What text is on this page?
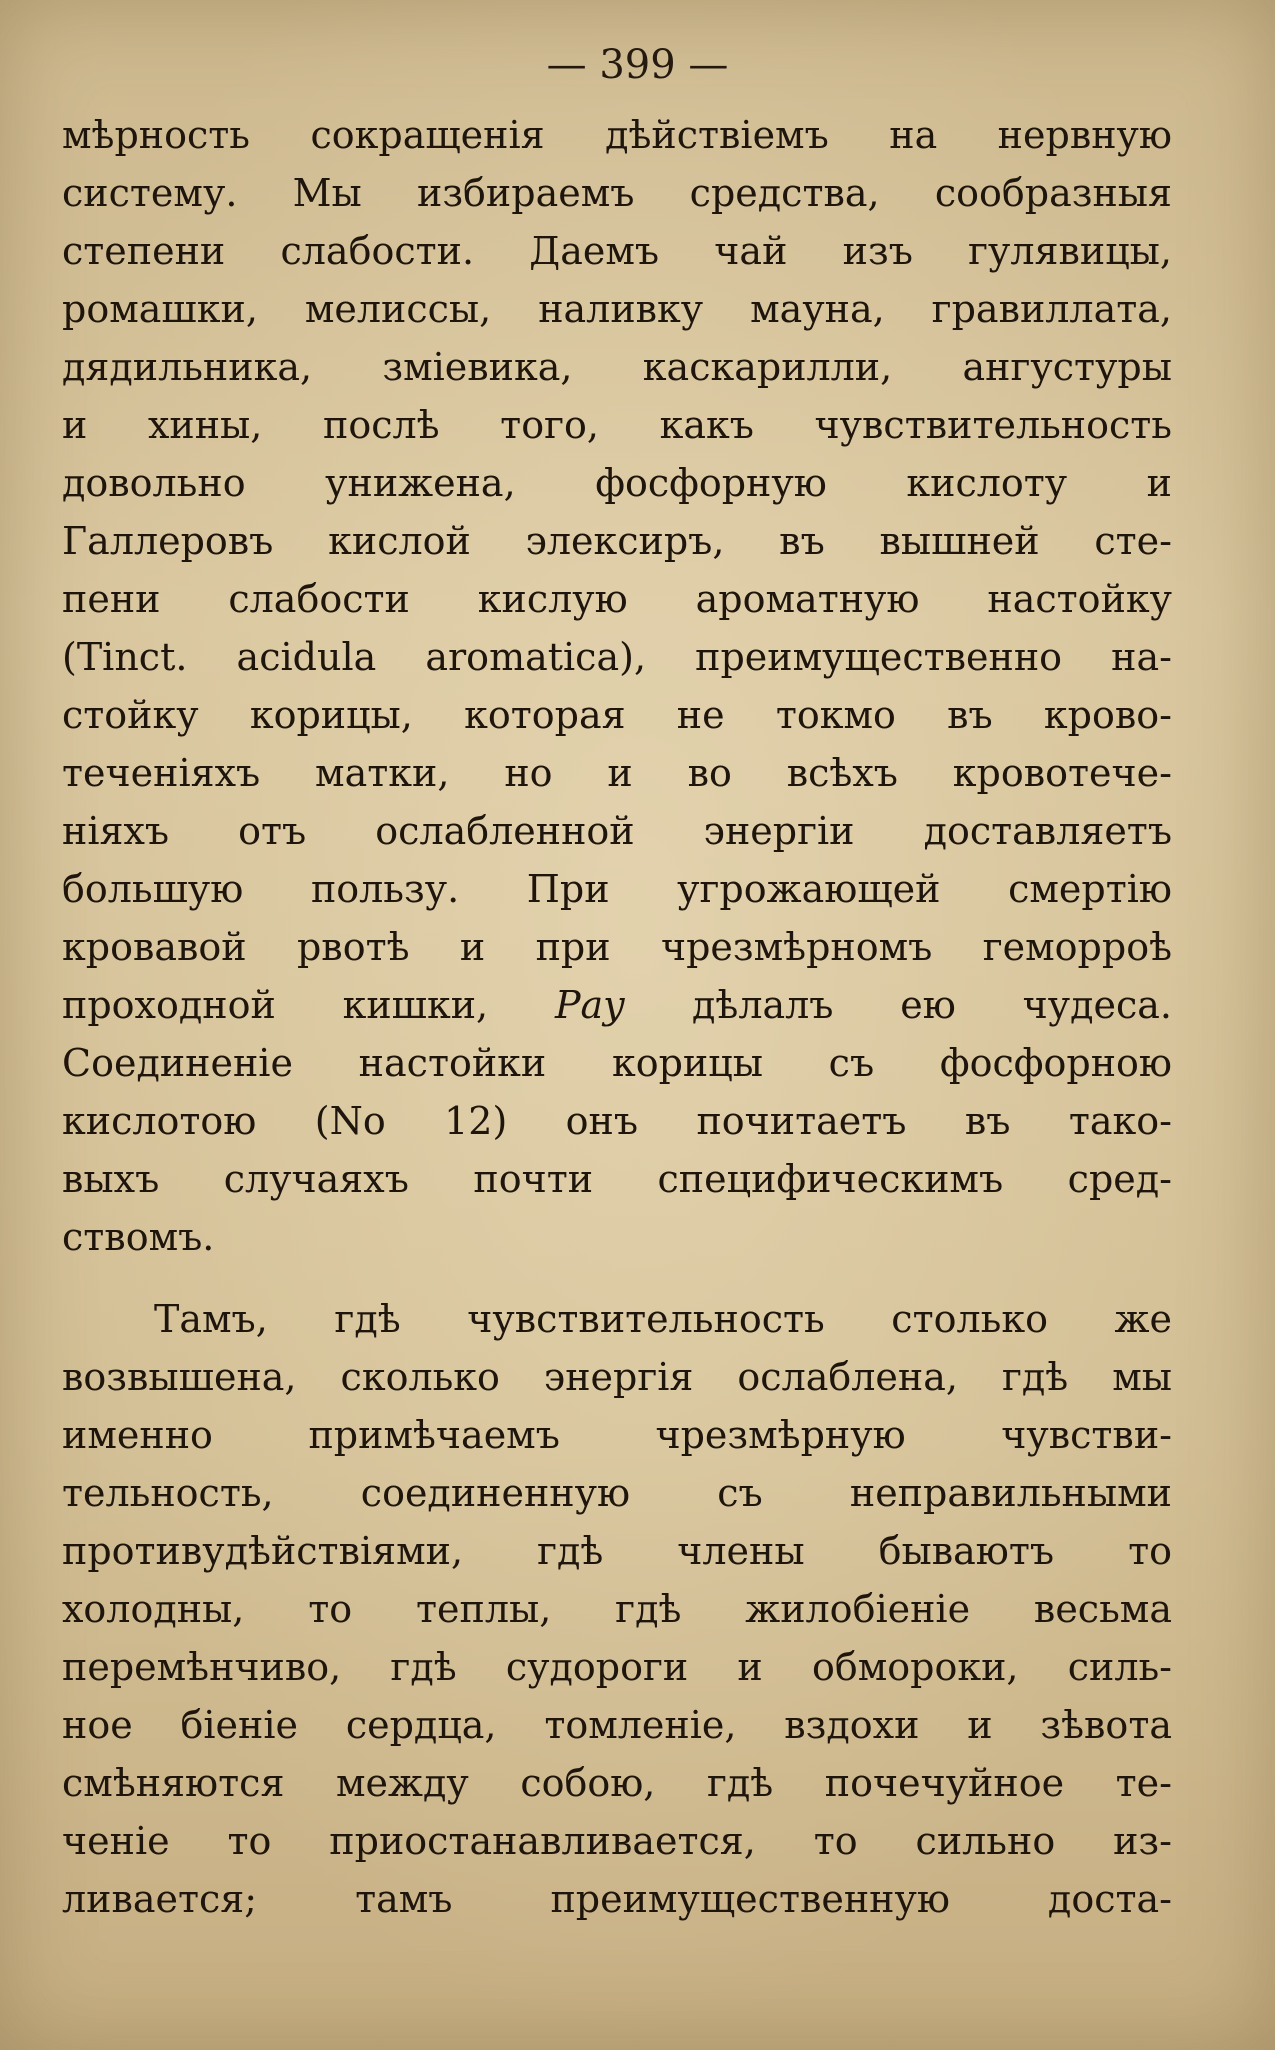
— 399 —
мѣрность сокращенія дѣйствіемъ на нервную
систему. Мы избираемъ средства, сообразныя
степени слабости. Даемъ чай изъ гулявицы,
ромашки, мелиссы, наливку мауна, гравиллата,
дядильника, зміевика, каскарилли, ангустуры
и хины, послѣ того, какъ чувствительность
довольно унижена, фосфорную кислоту и
Галлеровъ кислой элексиръ, въ вышней сте-
пени слабости кислую ароматную настойку
(Tinct. acidula aromatica), преимущественно на-
стойку корицы, которая не токмо въ крово-
теченіяхъ матки, но и во всѣхъ кровотече-
ніяхъ отъ ослабленной энергіи доставляетъ
большую пользу. При угрожающей смертію
кровавой рвотѣ и при чрезмѣрномъ геморроѣ
проходной кишки, Рау дѣлалъ ею чудеса.
Соединеніе настойки корицы съ фосфорною
кислотою (No 12) онъ почитаетъ въ тако-
выхъ случаяхъ почти специфическимъ сред-
ствомъ.
Тамъ, гдѣ чувствительность столько же
возвышена, сколько энергія ослаблена, гдѣ мы
именно примѣчаемъ чрезмѣрную чувстви-
тельность, соединенную съ неправильными
противудѣйствіями, гдѣ члены бываютъ то
холодны, то теплы, гдѣ жилобіеніе весьма
перемѣнчиво, гдѣ судороги и обмороки, силь-
ное біеніе сердца, томленіе, вздохи и зѣвота
смѣняются между собою, гдѣ почечуйное те-
ченіе то приостанавливается, то сильно из-
ливается; тамъ преимущественную доста-
